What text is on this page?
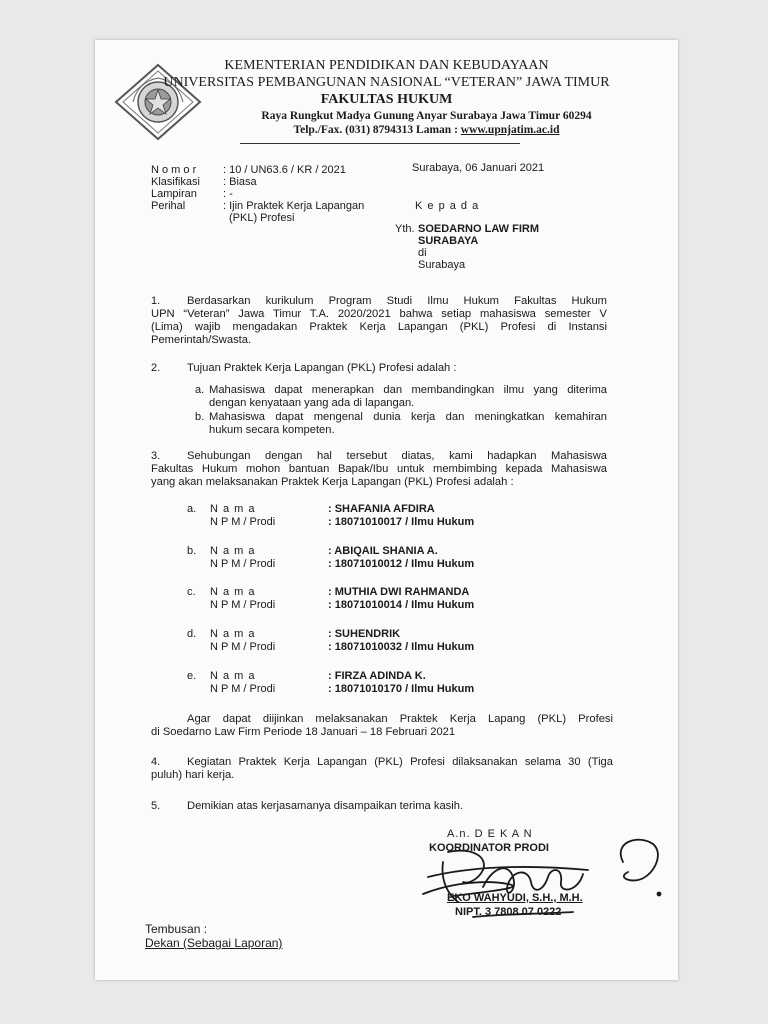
KEMENTERIAN PENDIDIKAN DAN KEBUDAYAAN
UNIVERSITAS PEMBANGUNAN NASIONAL “VETERAN” JAWA TIMUR
FAKULTAS HUKUM
Raya Rungkut Madya Gunung Anyar Surabaya Jawa Timur 60294
Telp./Fax. (031) 8794313 Laman : www.upnjatim.ac.id
N o m o r : 10 / UN63.6 / KR / 2021
Klasifikasi : Biasa
Lampiran : -
Perihal	: Ijin Praktek Kerja Lapangan
(PKL) Profesi
Surabaya, 06 Januari 2021
K e p a d a
Yth. SOEDARNO LAW FIRM
SURABAYA
di
Surabaya
1. Berdasarkan kurikulum Program Studi Ilmu Hukum Fakultas Hukum
UPN “Veteran” Jawa Timur T.A. 2020/2021 bahwa setiap mahasiswa semester V
(Lima) wajib mengadakan Praktek Kerja Lapangan (PKL) Profesi di Instansi
Pemerintah/Swasta.
2. Tujuan Praktek Kerja Lapangan (PKL) Profesi adalah :
a. Mahasiswa dapat menerapkan dan membandingkan ilmu yang diterima
dengan kenyataan yang ada di lapangan.
b. Mahasiswa dapat mengenal dunia kerja dan meningkatkan kemahiran
hukum secara kompeten.
3. Sehubungan dengan hal tersebut diatas, kami hadapkan Mahasiswa
Fakultas Hukum mohon bantuan Bapak/Ibu untuk membimbing kepada Mahasiswa
yang akan melaksanakan Praktek Kerja Lapangan (PKL) Profesi adalah :
a. N a m a
N P M / Prodi
: SHAFANIA AFDIRA
: 18071010017 / Ilmu Hukum
b. N a m a
N P M / Prodi
: ABIQAIL SHANIA A.
: 18071010012 / Ilmu Hukum
c. N a m a
N P M / Prodi
: MUTHIA DWI RAHMANDA
: 18071010014 / Ilmu Hukum
d. N a m a
N P M / Prodi
: SUHENDRIK
: 18071010032 / Ilmu Hukum
e. N a m a
N P M / Prodi
: FIRZA ADINDA K.
: 18071010170 / Ilmu Hukum
Agar dapat diijinkan melaksanakan Praktek Kerja Lapang (PKL) Profesi
di Soedarno Law Firm Periode 18 Januari – 18 Februari 2021
4. Kegiatan Praktek Kerja Lapangan (PKL) Profesi dilaksanakan selama 30 (Tiga
puluh) hari kerja.
5. Demikian atas kerjasamanya disampaikan terima kasih.
A.n. D E K A N
KOORDINATOR PRODI
EKO WAHYUDI, S.H., M.H.
NIPT. 3 7808 07 0222
Tembusan :
Dekan (Sebagai Laporan)
